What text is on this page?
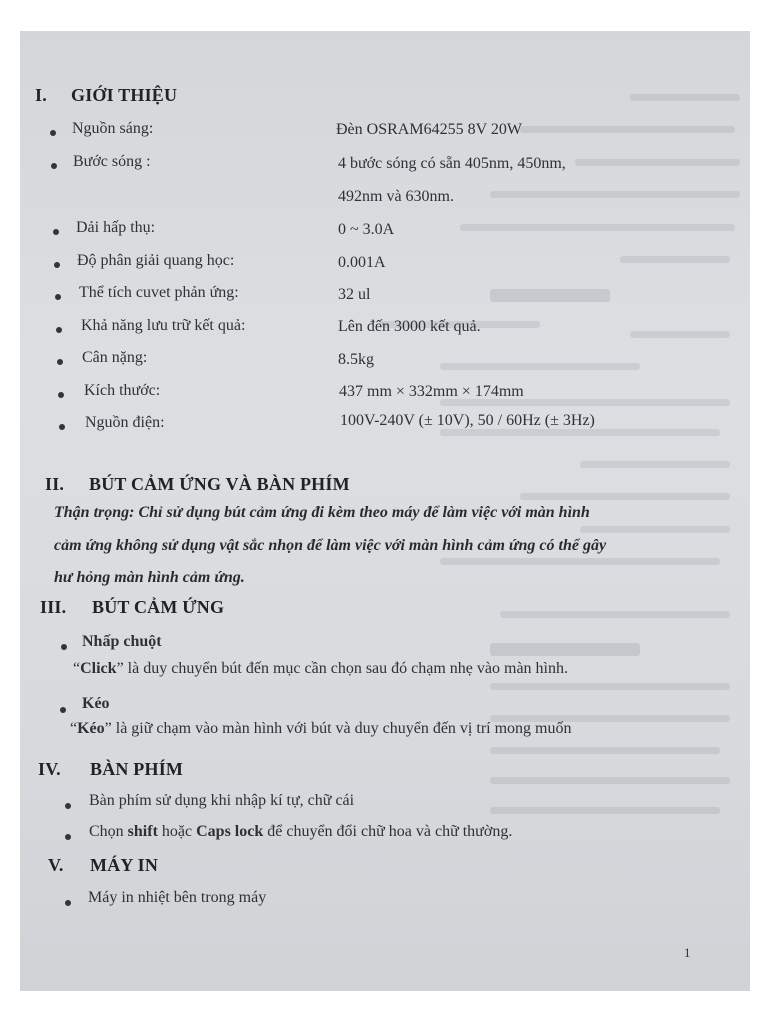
I. GIỚI THIỆU
Nguồn sáng:	Đèn OSRAM64255 8V 20W
Bước sóng :	4 bước sóng có sẵn 405nm, 450nm,
492nm và 630nm.
Dải hấp thụ:	0 ~ 3.0A
Độ phân giải quang học:	0.001A
Thể tích cuvet phản ứng:	32 ul
Khả năng lưu trữ kết quả:	Lên đến 3000 kết quả.
Cân nặng:	8.5kg
Kích thước:	437 mm × 332mm × 174mm
Nguồn điện:	100V-240V (± 10V), 50 / 60Hz (± 3Hz)
II. BÚT CẢM ỨNG VÀ BÀN PHÍM
Thận trọng: Chỉ sử dụng bút cảm ứng đi kèm theo máy để làm việc với màn hình
cảm ứng không sử dụng vật sắc nhọn để làm việc với màn hình cảm ứng có thể gây
hư hỏng màn hình cảm ứng.
III. BÚT CẢM ỨNG
Nhấp chuột
“Click” là duy chuyển bút đến mục cần chọn sau đó chạm nhẹ vào màn hình.
Kéo
“Kéo” là giữ chạm vào màn hình với bút và duy chuyển đến vị trí mong muốn
IV. BÀN PHÍM
Bàn phím sử dụng khi nhập kí tự, chữ cái
Chọn shift hoặc Caps lock để chuyển đổi chữ hoa và chữ thường.
V. MÁY IN
Máy in nhiệt bên trong máy
1
